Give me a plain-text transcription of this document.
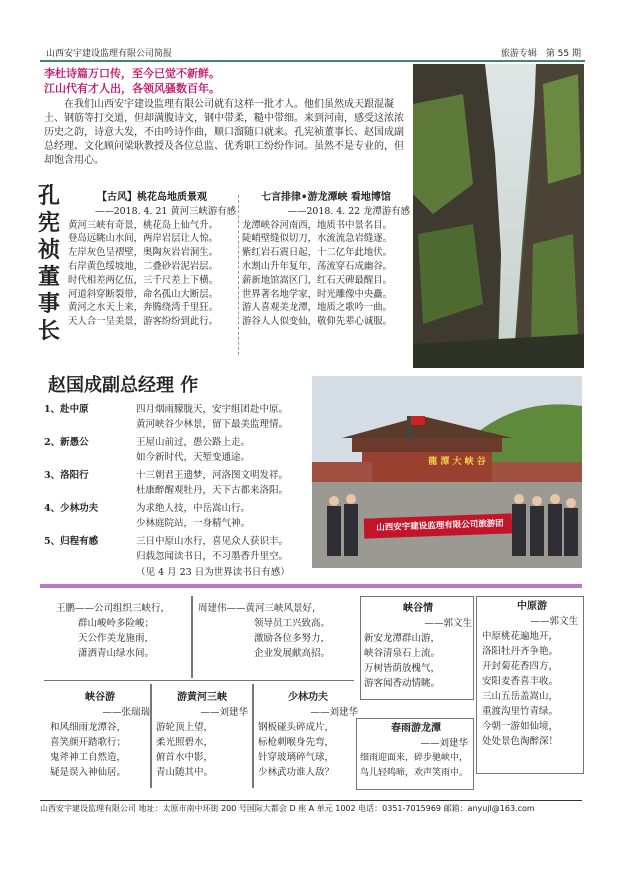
山西安宇建设监理有限公司简报	旅游专辑　第 55 期
李杜诗篇万口传，至今已觉不新鲜。
江山代有才人出，各领风骚数百年。
在我们山西安宇建设监理有限公司就有这样一批才人。他们虽然成天跟混凝土、钢筋等打交道，但却满腹诗文，钢中带柔，糙中带细。来到河南，感受这浓浓历史之韵，诗意大发，不由吟诗作曲，顺口溜随口就来。孔宪祯董事长、赵国成副总经理、文化顾问梁耿教授及各位总监、优秀职工纷纷作词。虽然不是专业的，但却饱含用心。
孔
宪
祯
董
事
长
【古风】桃花岛地质景观
——2018. 4. 21 黄河三峡游有感
黄河三峡有奇景，桃花岛上仙气升。
登岛远眺山水间，两岸岩层让人惊。
左岸灰色呈褶壁，奥陶灰岩岩洞生。
右岸黄色绥坡地，二叠砂岩泥岩层。
时代相差两亿伍，三千尺差上下横。
河道斜穿断裂带，命名孤山大断层。
黄河之水天上来，奔腾绕湾千里狂。
天人合一呈美景，游客纷纷到此行。
七言排律•游龙潭峡 看地博馆
——2018. 4. 22 龙潭游有感
龙潭峡谷河南西，地质书中景名目。
陡峭壁缝似切刀，水流流急岩缝逐。
紫红岩石震日起，十二亿年此地伏。
水割山升年复年，荡流穿石成幽谷。
薪新地馆嵩区门，红石天碑最醒目。
世界著名地学家，时光雕像中央矗。
游人喜观美龙潭，地质之歌吟一曲。
游谷人人似变仙，敬仰先辈心诚服。
赵国成副总经理 作
1、赴中原	四月烟雨朦胧天，安宇组团赴中原。
黄河峡谷少林景，留下最美监理情。
2、新愚公	王屋山前过，愚公路上走。
如今新时代，天堑变通途。
3、洛阳行	十三朝君王遗梦，河洛图文明发祥。
杜康醉醒观牡丹，天下古都来洛阳。
4、少林功夫	为求绝人技，中岳嵩山行。
少林庭院站，一身精气神。
5、归程有感	三日中原山水行，喜见众人获识丰。
归载忽闻读书日，不习墨香升里空。
（见 4 月 23 日为世界读书日有感）
龍 潭 大 峡 谷
山西安宇建设监理有限公司旅游团
王鹏——公司组织三峡行，
群山峻岭多险峻；
天公作美龙施雨，
潇洒青山绿水间。
周建伟——黄河三峡风景好，
领导员工兴致高。
激励各位多努力，
企业发展献高招。
峡谷情
——郭文生
新安龙潭群山游，
峡谷清泉石上流。
万树皆荫放槐气，
游客闻香动情眺。
中原游
——郭文生
中原桃花遍地开，
洛阳牡丹齐争艳。
开封菊花香四方，
安阳麦香喜丰收。
三山五岳盖嵩山，
重渡沟里竹青绿。
今朝一游如仙境，
处处景色淘醉深！
峡谷游
——张瑞瑞
和风细雨龙潭谷，
喜笑颜开踏歌行；
鬼斧神工自然造，
疑是误入神仙居。
游黄河三峡
——刘建华
游轮顶上望，
柔光照碧水，
俯首水中影，
青山随其中。
少林功夫
——刘建华
钢板碰头碎成片，
标枪刺喉身先弯，
针穿玻璃碎气球，
少林武功谁人敌？
春雨游龙潭
——刘建华
细雨迎面来，碎步驰峡中，
鸟儿轻鸣啼，欢声笑雨中。
山西安宇建设监理有限公司 地址：太原市南中环街 200 号国际大都会 D 座 A 单元 1002 电话：0351-7015969 邮箱：anyujl@163.com
